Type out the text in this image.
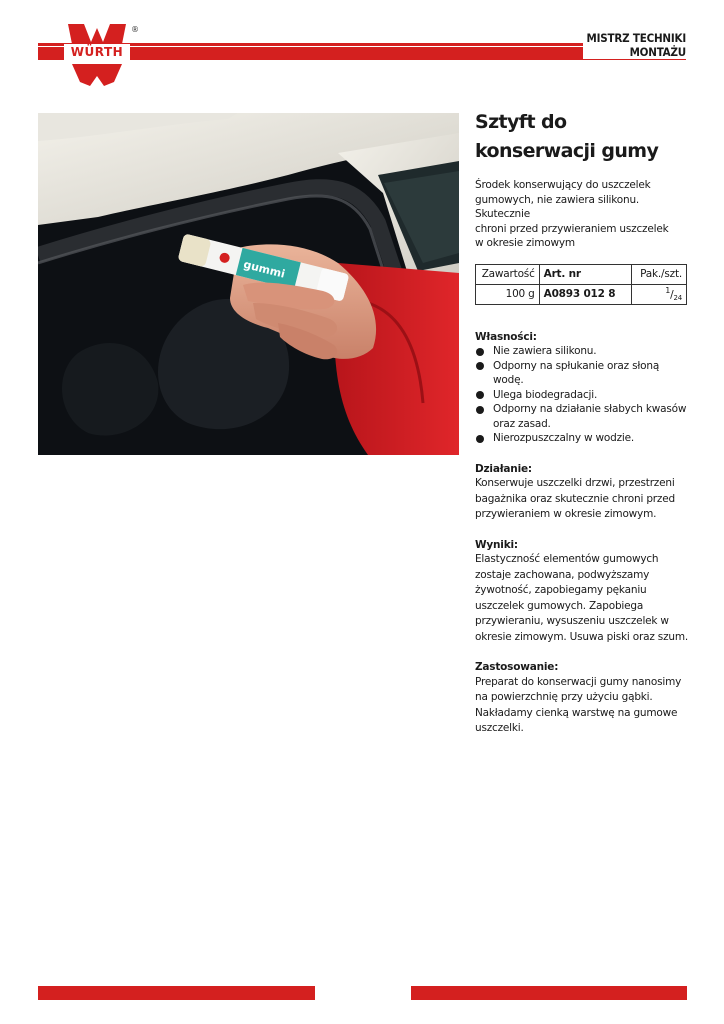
WÜRTH
®
MISTRZ TECHNIKI
MONTAŻU
gummi
Sztyft do
konserwacji gumy

Środek konserwujący do uszczelek
gumowych, nie zawiera silikonu. Skutecznie
chroni przed przywieraniem uszczelek
w okresie zimowym

Zawartość	Art. nr	Pak./szt.
100 g	A0893 012 8	$^1/_{24}$

Własności:

Nie zawiera silikonu.
Odporny na spłukanie oraz słoną wodę.
Ulega biodegradacji.
Odporny na działanie słabych kwasów oraz zasad.
Nierozpuszczalny w wodzie.

Działanie:

Konserwuje uszczelki drzwi, przestrzeni bagażnika oraz skutecznie chroni przed przywieraniem w okresie zimowym.

Wyniki:

Elastyczność elementów gumowych zostaje zachowana, podwyższamy żywotność, zapobiegamy pękaniu uszczelek gumowych. Zapobiega przywieraniu, wysuszeniu uszczelek w okresie zimowym. Usuwa piski oraz szum.

Zastosowanie:

Preparat do konserwacji gumy nanosimy na powierzchnię przy użyciu gąbki. Nakładamy cienką warstwę na gumowe uszczelki.
